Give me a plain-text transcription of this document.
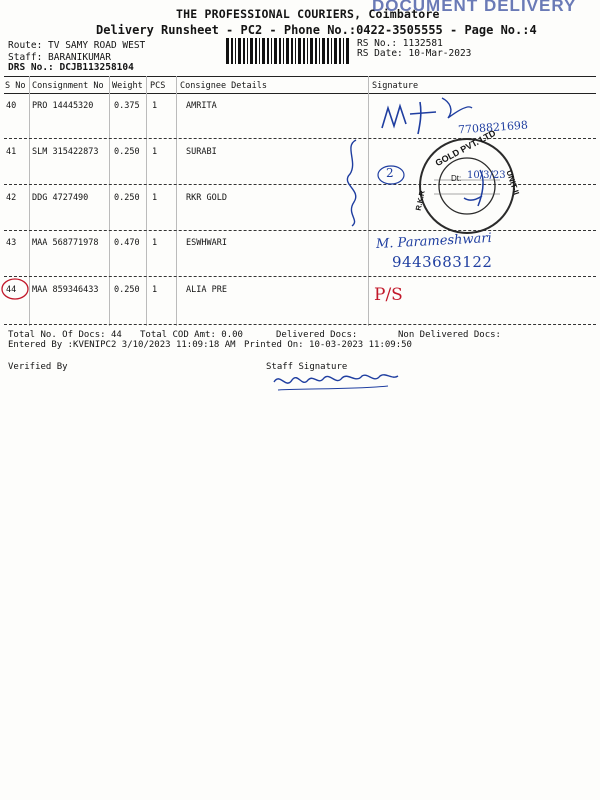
DOCUMENT DELIVERY
THE PROFESSIONAL COURIERS, Coimbatore
Delivery Runsheet - PC2 - Phone No.:0422-3505555 - Page No.:4
Route: TV SAMY ROAD WEST
Staff: BARANIKUMAR
DRS No.: DCJB113258104
RS No.: 1132581
RS Date: 10-Mar-2023
S No Consignment No Weight PCS Consignee Details	Signature
40 PRO 14445320 0.375 1	AMRITA
41 SLM 315422873 0.250 1	SURABI
42 DDG 4727490	0.250 1	RKR GOLD
43 MAA 568771978 0.470 1	ESWHWARI
44 MAA 859346433 0.250 1	ALIA PRE
7708821698
2
GOLD PVT. LTD
R.K.R
UNIT-II
Dt: 10/3/23
M. Parameshwari
9443683122
P/S
Total No. Of Docs: 44 Total COD Amt: 0.00	Delivered Docs:	Non Delivered Docs:
Entered By :KVENIPC2 3/10/2023 11:09:18 AM Printed On: 10-03-2023 11:09:50
Verified By	Staff Signature
